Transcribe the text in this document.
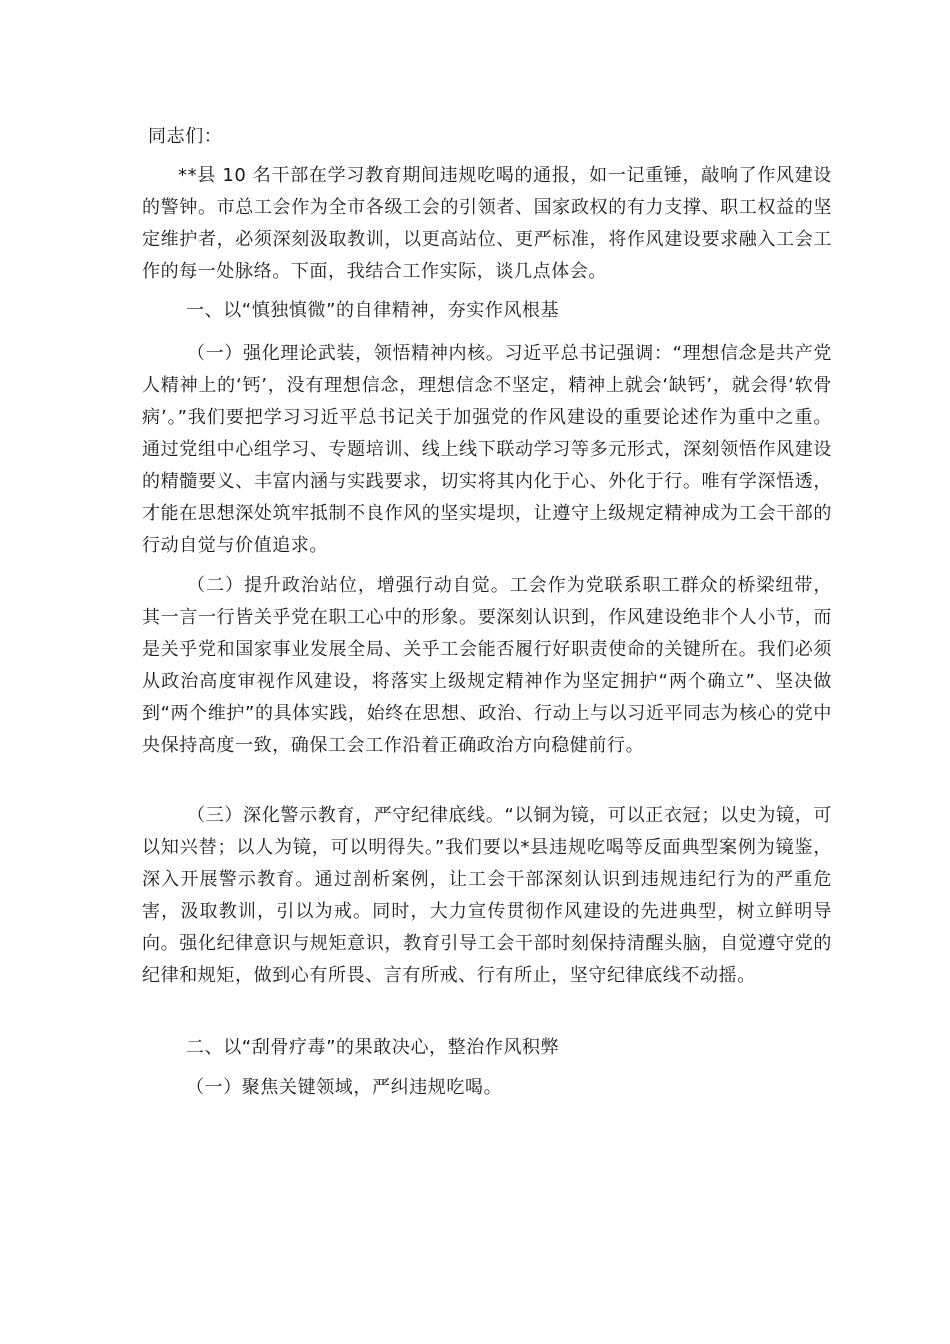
同志们：

**县 10 名干部在学习教育期间违规吃喝的通报，如一记重锤，敲响了作风建设的警钟。市总工会作为全市各级工会的引领者、国家政权的有力支撑、职工权益的坚定维护者，必须深刻汲取教训，以更高站位、更严标准，将作风建设要求融入工会工作的每一处脉络。下面，我结合工作实际，谈几点体会。

一、以“慎独慎微”的自律精神，夯实作风根基

（一）强化理论武装，领悟精神内核。习近平总书记强调：“理想信念是共产党人精神上的‘钙’，没有理想信念，理想信念不坚定，精神上就会‘缺钙’，就会得‘软骨病’。”我们要把学习习近平总书记关于加强党的作风建设的重要论述作为重中之重。通过党组中心组学习、专题培训、线上线下联动学习等多元形式，深刻领悟作风建设的精髓要义、丰富内涵与实践要求，切实将其内化于心、外化于行。唯有学深悟透，才能在思想深处筑牢抵制不良作风的坚实堤坝，让遵守上级规定精神成为工会干部的行动自觉与价值追求。

（二）提升政治站位，增强行动自觉。工会作为党联系职工群众的桥梁纽带，其一言一行皆关乎党在职工心中的形象。要深刻认识到，作风建设绝非个人小节，而是关乎党和国家事业发展全局、关乎工会能否履行好职责使命的关键所在。我们必须从政治高度审视作风建设，将落实上级规定精神作为坚定拥护“两个确立”、坚决做到“两个维护”的具体实践，始终在思想、政治、行动上与以习近平同志为核心的党中央保持高度一致，确保工会工作沿着正确政治方向稳健前行。

（三）深化警示教育，严守纪律底线。“以铜为镜，可以正衣冠；以史为镜，可以知兴替；以人为镜，可以明得失。”我们要以*县违规吃喝等反面典型案例为镜鉴，深入开展警示教育。通过剖析案例，让工会干部深刻认识到违规违纪行为的严重危害，汲取教训，引以为戒。同时，大力宣传贯彻作风建设的先进典型，树立鲜明导向。强化纪律意识与规矩意识，教育引导工会干部时刻保持清醒头脑，自觉遵守党的纪律和规矩，做到心有所畏、言有所戒、行有所止，坚守纪律底线不动摇。

二、以“刮骨疗毒”的果敢决心，整治作风积弊

（一）聚焦关键领域，严纠违规吃喝。
